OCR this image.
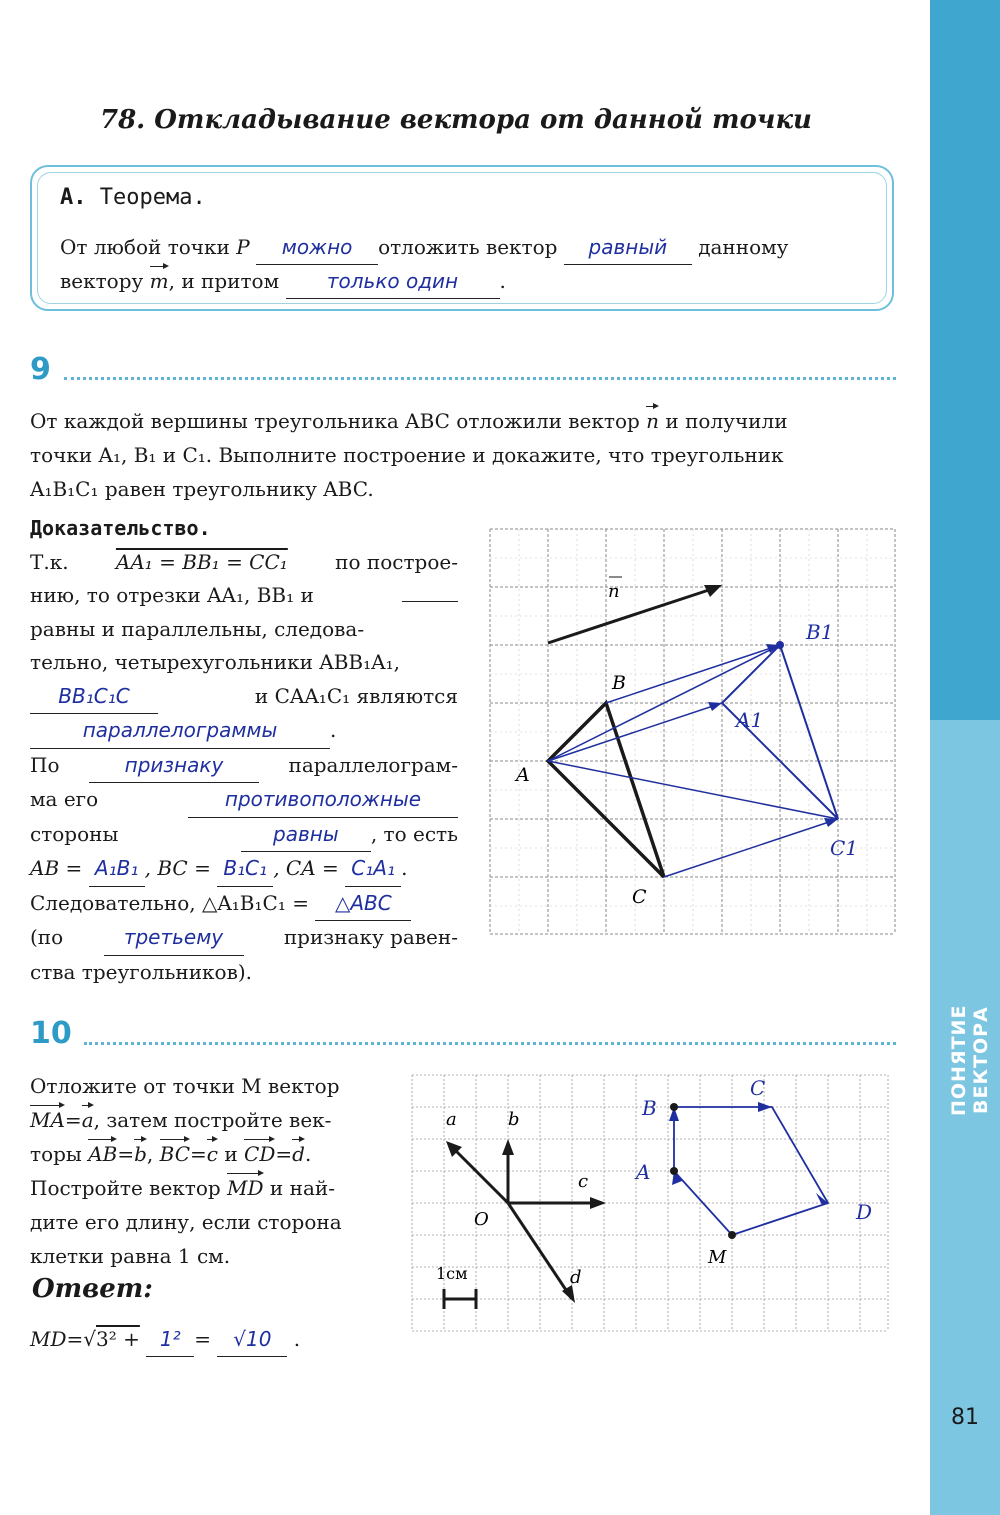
ПОНЯТИЕ ВЕКТОРА
81
78. Откладывание вектора от данной точки
А. Теорема.
От любой точки P можно отложить вектор равный данному
вектору m, и притом только один .
9
От каждой вершины треугольника ABC отложили вектор n и получили
точки A₁, B₁ и C₁. Выполните построение и докажите, что треугольник
A₁B₁C₁ равен треугольнику ABC.
Доказательство.
Т.к. AA₁ = BB₁ = CC₁ по построе-
нию, то отрезки AA₁, BB₁ и
равны и параллельны, следова-
тельно, четырехугольники ABB₁A₁,
BB₁C₁C	и CAA₁C₁ являются
параллелограммы	.
По	признаку	параллелограм-
ма его	противоположные
стороны	равны , то есть
AB = A₁B₁ , BC = B₁C₁ , CA = C₁A₁ .
Следовательно, △A₁B₁C₁ = △ABC
(по	третьему	признаку равен-
ства треугольников).
n
A
B
C
A1
B1
C1
10
Отложите от точки M вектор
MA=a, затем постройте век-
торы AB=b, BC=c и CD=d.
Постройте вектор MD и най-
дите его длину, если сторона
клетки равна 1 см.
Ответ:
MD=√3² + 1² = √10 .
a	b
c
d
O
1см
M
A
B
C
D
